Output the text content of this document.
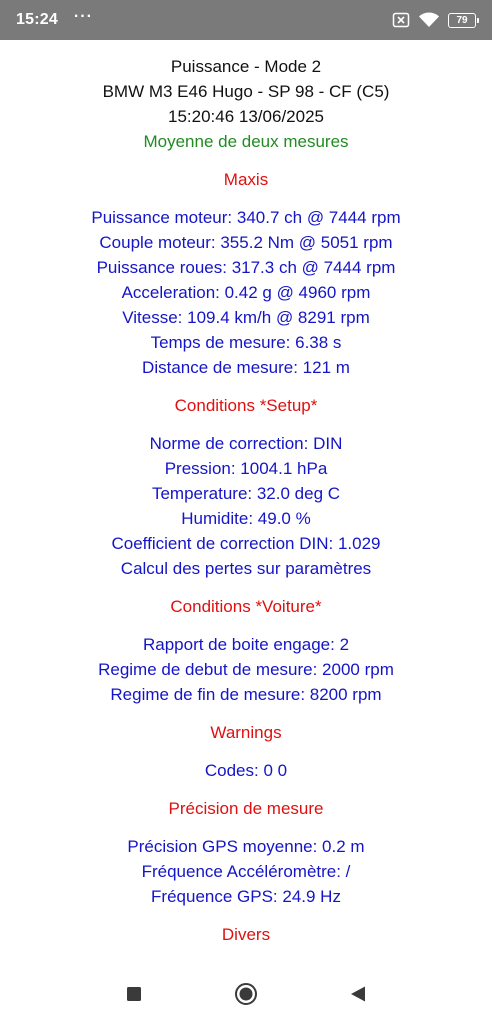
15:24 ···	79
Puissance - Mode 2
BMW M3 E46 Hugo - SP 98 - CF (C5)
15:20:46 13/06/2025
Moyenne de deux mesures
Maxis
Puissance moteur: 340.7 ch @ 7444 rpm
Couple moteur: 355.2 Nm @ 5051 rpm
Puissance roues: 317.3 ch @ 7444 rpm
Acceleration: 0.42 g @ 4960 rpm
Vitesse: 109.4 km/h @ 8291 rpm
Temps de mesure: 6.38 s
Distance de mesure: 121 m
Conditions *Setup*
Norme de correction: DIN
Pression: 1004.1 hPa
Temperature: 32.0 deg C
Humidite: 49.0 %
Coefficient de correction DIN: 1.029
Calcul des pertes sur paramètres
Conditions *Voiture*
Rapport de boite engage: 2
Regime de debut de mesure: 2000 rpm
Regime de fin de mesure: 8200 rpm
Warnings
Codes: 0 0
Précision de mesure
Précision GPS moyenne: 0.2 m
Fréquence Accéléromètre: /
Fréquence GPS: 24.9 Hz
Divers
